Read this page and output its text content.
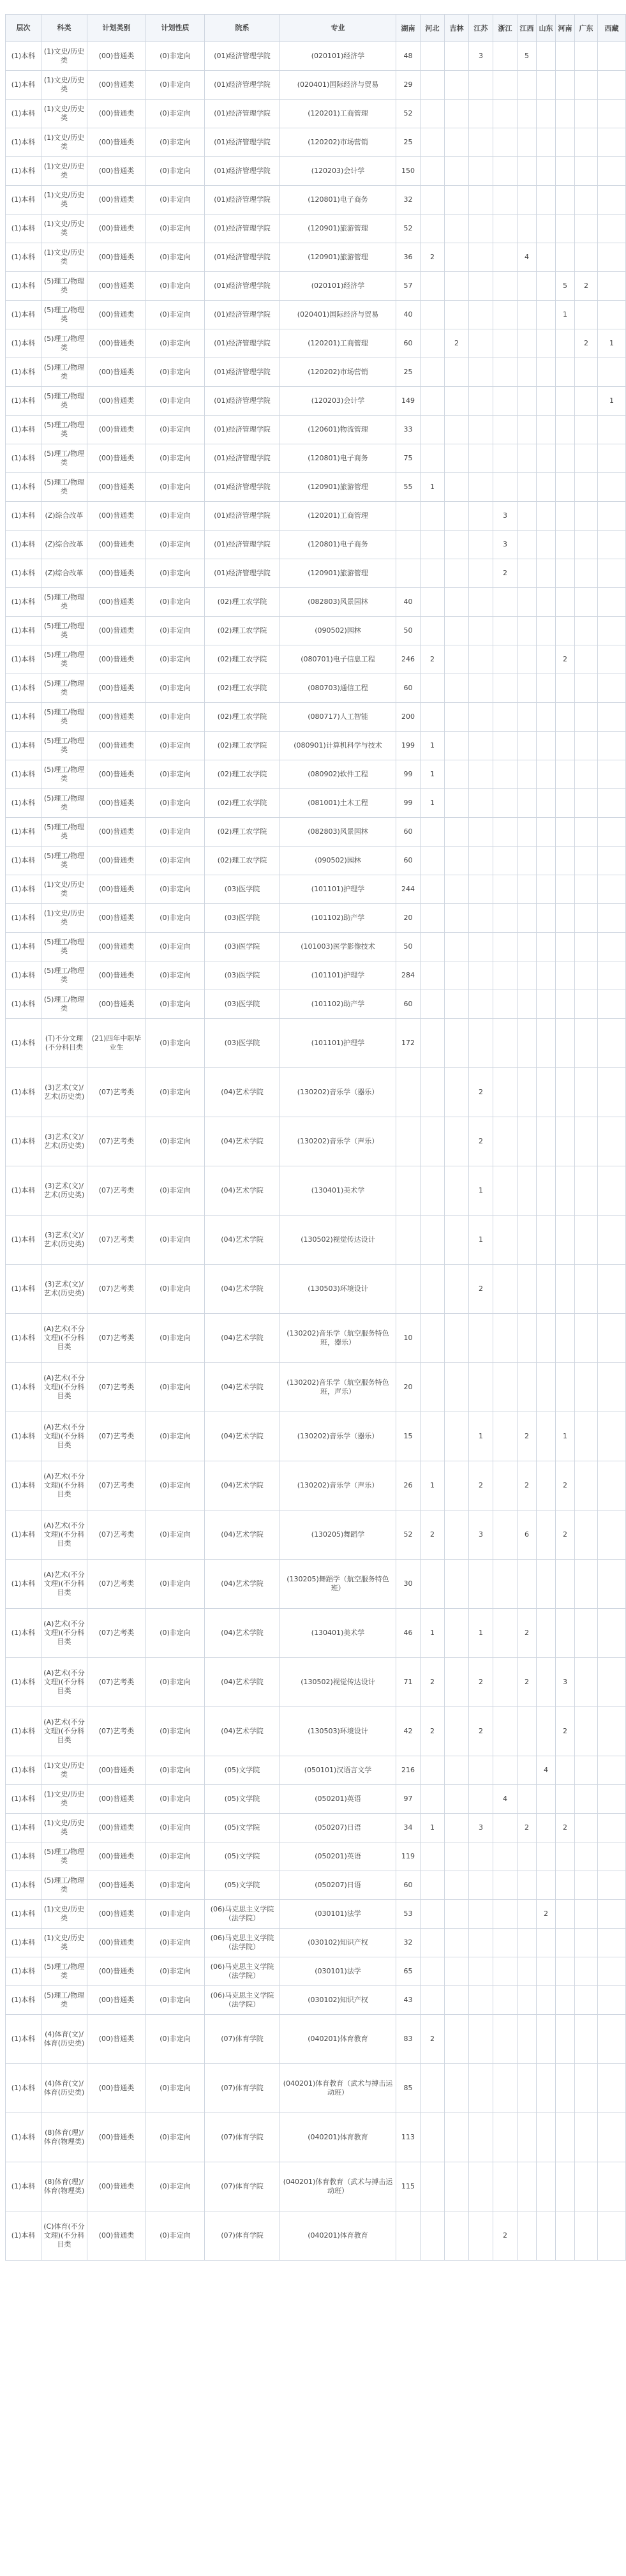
层次	科类	计划类别	计划性质	院系	专业	湖南	河北	吉林	江苏	浙江	江西	山东	河南	广东	西藏
(1)本科	(1)文史/历史类	(00)普通类	(0)非定向	(01)经济管理学院	(020101)经济学	48			3		5				
(1)本科	(1)文史/历史类	(00)普通类	(0)非定向	(01)经济管理学院	(020401)国际经济与贸易	29									
(1)本科	(1)文史/历史类	(00)普通类	(0)非定向	(01)经济管理学院	(120201)工商管理	52									
(1)本科	(1)文史/历史类	(00)普通类	(0)非定向	(01)经济管理学院	(120202)市场营销	25									
(1)本科	(1)文史/历史类	(00)普通类	(0)非定向	(01)经济管理学院	(120203)会计学	150									
(1)本科	(1)文史/历史类	(00)普通类	(0)非定向	(01)经济管理学院	(120801)电子商务	32									
(1)本科	(1)文史/历史类	(00)普通类	(0)非定向	(01)经济管理学院	(120901)旅游管理	52									
(1)本科	(1)文史/历史类	(00)普通类	(0)非定向	(01)经济管理学院	(120901)旅游管理	36	2				4				
(1)本科	(5)理工/物理类	(00)普通类	(0)非定向	(01)经济管理学院	(020101)经济学	57							5	2	
(1)本科	(5)理工/物理类	(00)普通类	(0)非定向	(01)经济管理学院	(020401)国际经济与贸易	40							1		
(1)本科	(5)理工/物理类	(00)普通类	(0)非定向	(01)经济管理学院	(120201)工商管理	60		2						2	1
(1)本科	(5)理工/物理类	(00)普通类	(0)非定向	(01)经济管理学院	(120202)市场营销	25									
(1)本科	(5)理工/物理类	(00)普通类	(0)非定向	(01)经济管理学院	(120203)会计学	149									1
(1)本科	(5)理工/物理类	(00)普通类	(0)非定向	(01)经济管理学院	(120601)物流管理	33									
(1)本科	(5)理工/物理类	(00)普通类	(0)非定向	(01)经济管理学院	(120801)电子商务	75									
(1)本科	(5)理工/物理类	(00)普通类	(0)非定向	(01)经济管理学院	(120901)旅游管理	55	1								
(1)本科	(Z)综合改革	(00)普通类	(0)非定向	(01)经济管理学院	(120201)工商管理					3					
(1)本科	(Z)综合改革	(00)普通类	(0)非定向	(01)经济管理学院	(120801)电子商务					3					
(1)本科	(Z)综合改革	(00)普通类	(0)非定向	(01)经济管理学院	(120901)旅游管理					2					
(1)本科	(5)理工/物理类	(00)普通类	(0)非定向	(02)理工农学院	(082803)风景园林	40									
(1)本科	(5)理工/物理类	(00)普通类	(0)非定向	(02)理工农学院	(090502)园林	50									
(1)本科	(5)理工/物理类	(00)普通类	(0)非定向	(02)理工农学院	(080701)电子信息工程	246	2						2		
(1)本科	(5)理工/物理类	(00)普通类	(0)非定向	(02)理工农学院	(080703)通信工程	60									
(1)本科	(5)理工/物理类	(00)普通类	(0)非定向	(02)理工农学院	(080717)人工智能	200									
(1)本科	(5)理工/物理类	(00)普通类	(0)非定向	(02)理工农学院	(080901)计算机科学与技术	199	1								
(1)本科	(5)理工/物理类	(00)普通类	(0)非定向	(02)理工农学院	(080902)软件工程	99	1								
(1)本科	(5)理工/物理类	(00)普通类	(0)非定向	(02)理工农学院	(081001)土木工程	99	1								
(1)本科	(5)理工/物理类	(00)普通类	(0)非定向	(02)理工农学院	(082803)风景园林	60									
(1)本科	(5)理工/物理类	(00)普通类	(0)非定向	(02)理工农学院	(090502)园林	60									
(1)本科	(1)文史/历史类	(00)普通类	(0)非定向	(03)医学院	(101101)护理学	244									
(1)本科	(1)文史/历史类	(00)普通类	(0)非定向	(03)医学院	(101102)助产学	20									
(1)本科	(5)理工/物理类	(00)普通类	(0)非定向	(03)医学院	(101003)医学影像技术	50									
(1)本科	(5)理工/物理类	(00)普通类	(0)非定向	(03)医学院	(101101)护理学	284									
(1)本科	(5)理工/物理类	(00)普通类	(0)非定向	(03)医学院	(101102)助产学	60									
(1)本科	(T)不分文理(不分科目类	(21)四年中职毕业生	(0)非定向	(03)医学院	(101101)护理学	172									
(1)本科	(3)艺术(文)/艺术(历史类)	(07)艺考类	(0)非定向	(04)艺术学院	(130202)音乐学（器乐）				2						
(1)本科	(3)艺术(文)/艺术(历史类)	(07)艺考类	(0)非定向	(04)艺术学院	(130202)音乐学（声乐）				2						
(1)本科	(3)艺术(文)/艺术(历史类)	(07)艺考类	(0)非定向	(04)艺术学院	(130401)美术学				1						
(1)本科	(3)艺术(文)/艺术(历史类)	(07)艺考类	(0)非定向	(04)艺术学院	(130502)视觉传达设计				1						
(1)本科	(3)艺术(文)/艺术(历史类)	(07)艺考类	(0)非定向	(04)艺术学院	(130503)环境设计				2						
(1)本科	(A)艺术(不分文理)(不分科目类	(07)艺考类	(0)非定向	(04)艺术学院	(130202)音乐学（航空服务特色班，器乐）	10									
(1)本科	(A)艺术(不分文理)(不分科目类	(07)艺考类	(0)非定向	(04)艺术学院	(130202)音乐学（航空服务特色班，声乐）	20									
(1)本科	(A)艺术(不分文理)(不分科目类	(07)艺考类	(0)非定向	(04)艺术学院	(130202)音乐学（器乐）	15			1		2		1		
(1)本科	(A)艺术(不分文理)(不分科目类	(07)艺考类	(0)非定向	(04)艺术学院	(130202)音乐学（声乐）	26	1		2		2		2		
(1)本科	(A)艺术(不分文理)(不分科目类	(07)艺考类	(0)非定向	(04)艺术学院	(130205)舞蹈学	52	2		3		6		2		
(1)本科	(A)艺术(不分文理)(不分科目类	(07)艺考类	(0)非定向	(04)艺术学院	(130205)舞蹈学（航空服务特色班）	30									
(1)本科	(A)艺术(不分文理)(不分科目类	(07)艺考类	(0)非定向	(04)艺术学院	(130401)美术学	46	1		1		2				
(1)本科	(A)艺术(不分文理)(不分科目类	(07)艺考类	(0)非定向	(04)艺术学院	(130502)视觉传达设计	71	2		2		2		3		
(1)本科	(A)艺术(不分文理)(不分科目类	(07)艺考类	(0)非定向	(04)艺术学院	(130503)环境设计	42	2		2				2		
(1)本科	(1)文史/历史类	(00)普通类	(0)非定向	(05)文学院	(050101)汉语言文学	216						4			
(1)本科	(1)文史/历史类	(00)普通类	(0)非定向	(05)文学院	(050201)英语	97				4					
(1)本科	(1)文史/历史类	(00)普通类	(0)非定向	(05)文学院	(050207)日语	34	1		3		2		2		
(1)本科	(5)理工/物理类	(00)普通类	(0)非定向	(05)文学院	(050201)英语	119									
(1)本科	(5)理工/物理类	(00)普通类	(0)非定向	(05)文学院	(050207)日语	60									
(1)本科	(1)文史/历史类	(00)普通类	(0)非定向	(06)马克思主义学院（法学院）	(030101)法学	53						2			
(1)本科	(1)文史/历史类	(00)普通类	(0)非定向	(06)马克思主义学院（法学院）	(030102)知识产权	32									
(1)本科	(5)理工/物理类	(00)普通类	(0)非定向	(06)马克思主义学院（法学院）	(030101)法学	65									
(1)本科	(5)理工/物理类	(00)普通类	(0)非定向	(06)马克思主义学院（法学院）	(030102)知识产权	43									
(1)本科	(4)体育(文)/体育(历史类)	(00)普通类	(0)非定向	(07)体育学院	(040201)体育教育	83	2								
(1)本科	(4)体育(文)/体育(历史类)	(00)普通类	(0)非定向	(07)体育学院	(040201)体育教育（武术与搏击运动班）	85									
(1)本科	(8)体育(理)/体育(物理类)	(00)普通类	(0)非定向	(07)体育学院	(040201)体育教育	113									
(1)本科	(8)体育(理)/体育(物理类)	(00)普通类	(0)非定向	(07)体育学院	(040201)体育教育（武术与搏击运动班）	115									
(1)本科	(C)体育(不分文理)(不分科目类	(00)普通类	(0)非定向	(07)体育学院	(040201)体育教育					2					
